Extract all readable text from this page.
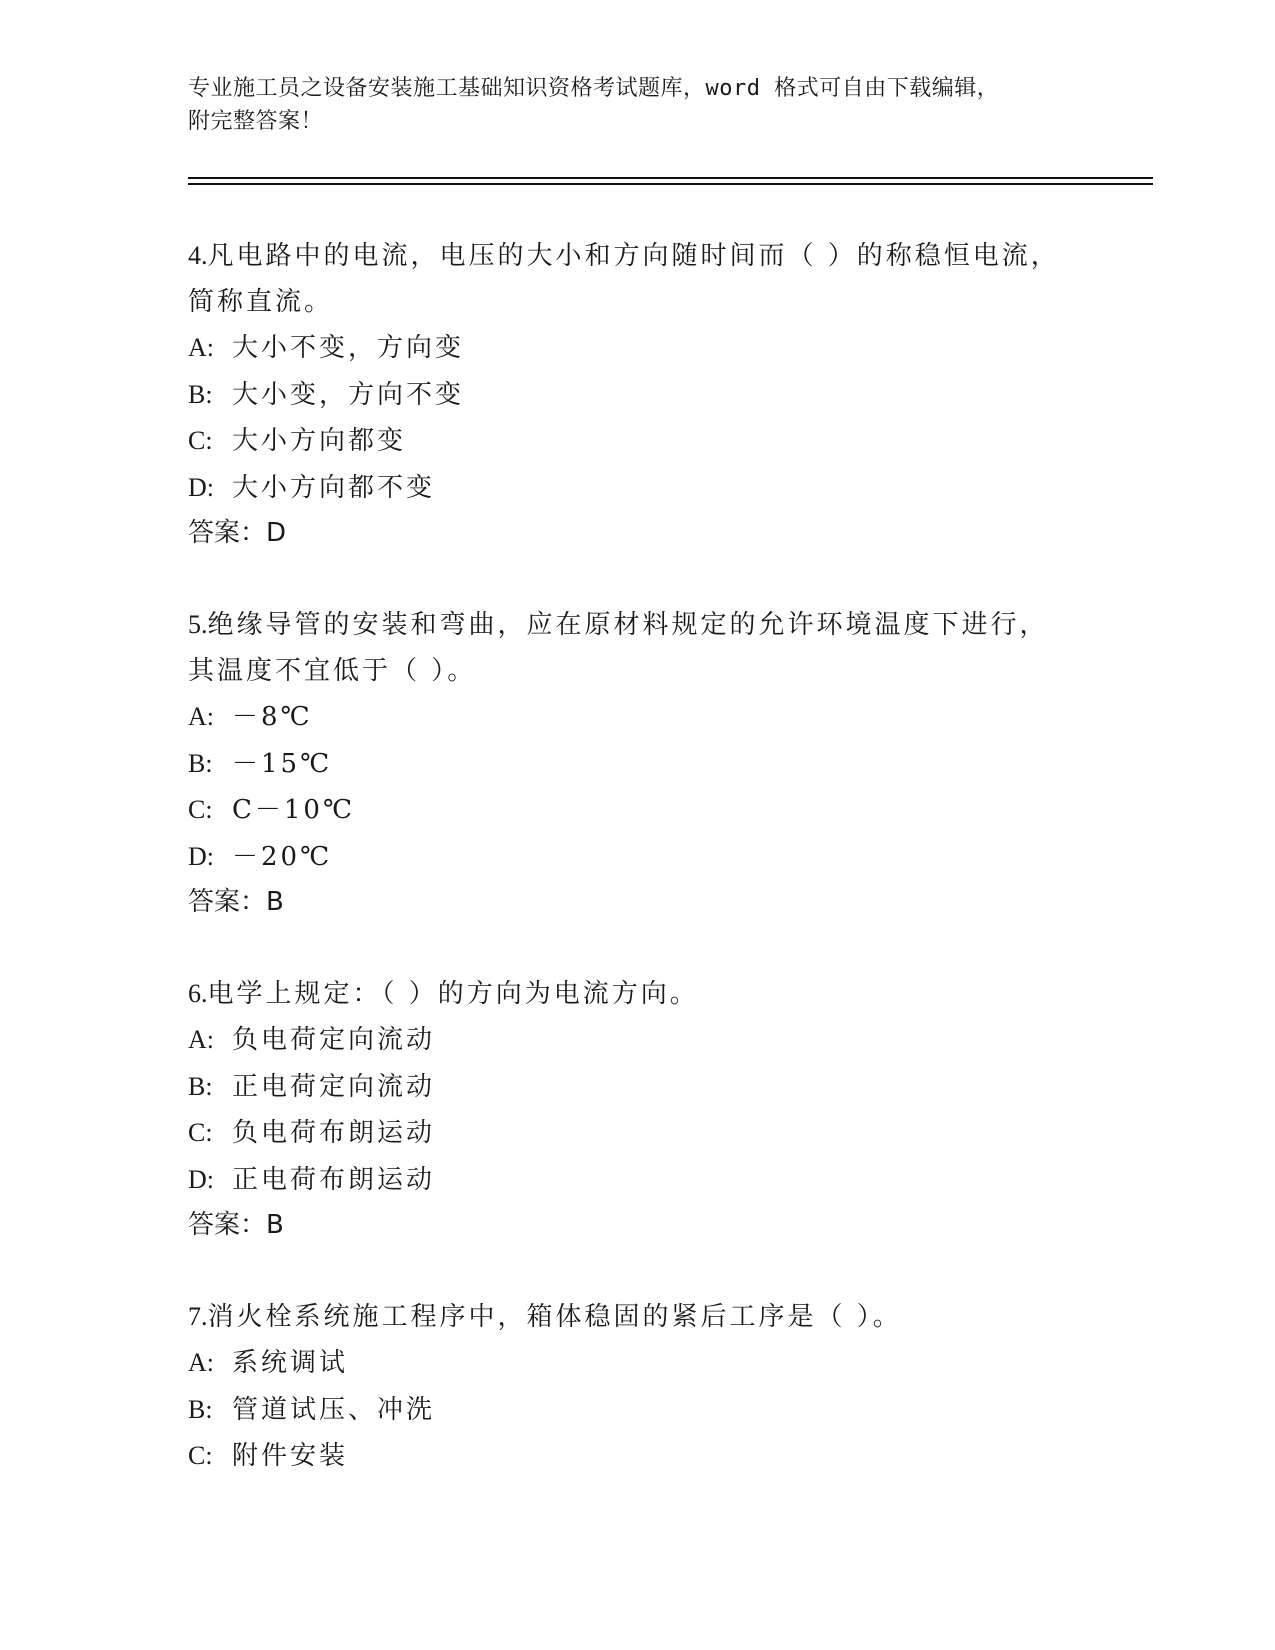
专业施工员之设备安装施工基础知识资格考试题库，word 格式可自由下载编辑，
附完整答案！
4.凡电路中的电流，电压的大小和方向随时间而（ ）的称稳恒电流，
简称直流。
A: 大小不变，方向变
B: 大小变，方向不变
C: 大小方向都变
D: 大小方向都不变
答案：D
5.绝缘导管的安装和弯曲，应在原材料规定的允许环境温度下进行，
其温度不宜低于（ ）。
A: －8℃
B: －15℃
C: C－10℃
D: －20℃
答案：B
6.电学上规定：（ ）的方向为电流方向。
A: 负电荷定向流动
B: 正电荷定向流动
C: 负电荷布朗运动
D: 正电荷布朗运动
答案：B
7.消火栓系统施工程序中，箱体稳固的紧后工序是（ ）。
A: 系统调试
B: 管道试压、冲洗
C: 附件安装
